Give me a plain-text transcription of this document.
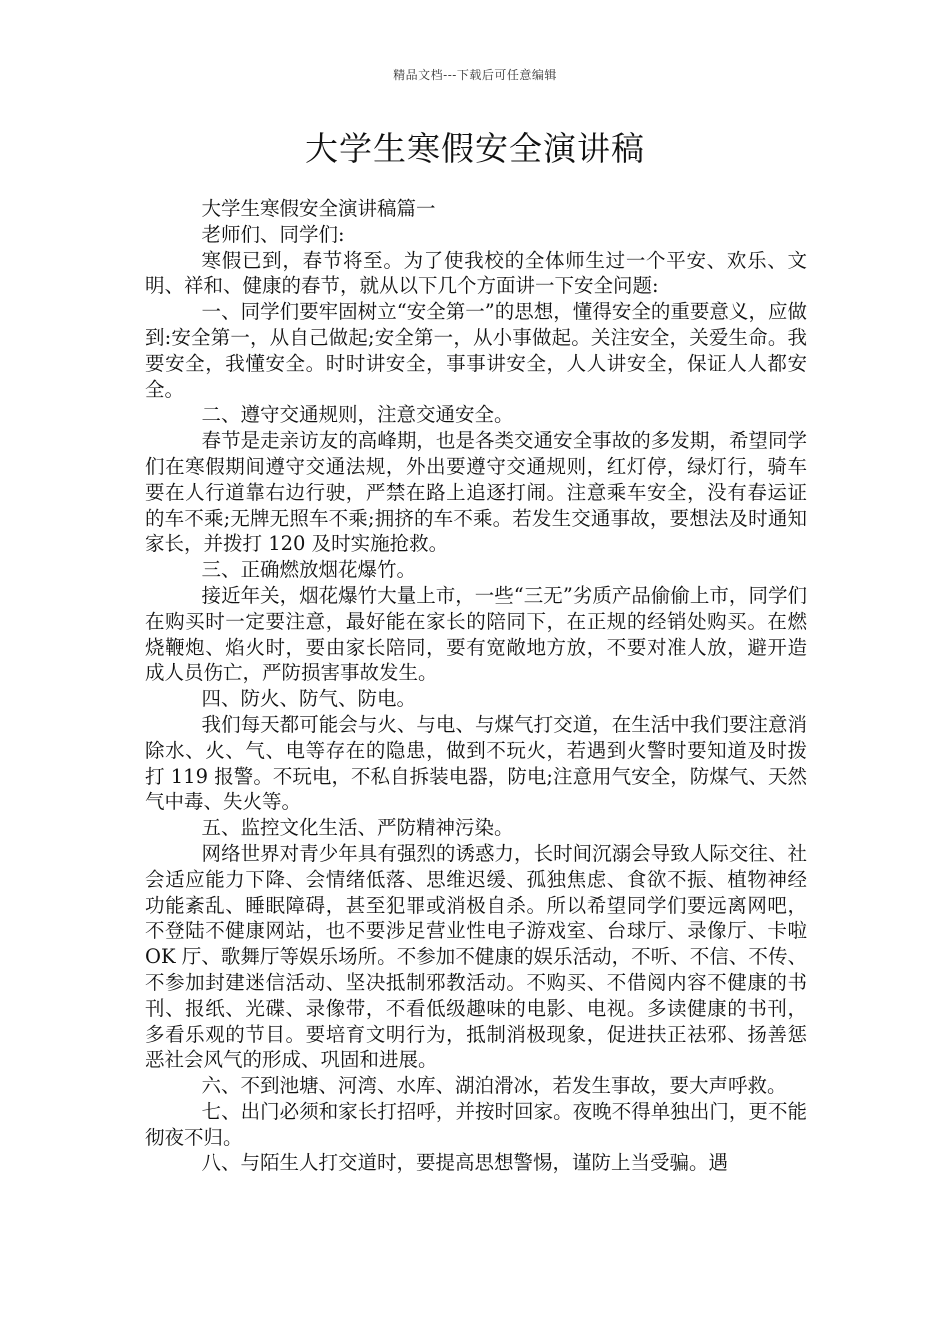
精品文档---下载后可任意编辑
大学生寒假安全演讲稿

大学生寒假安全演讲稿篇一

老师们、同学们:

寒假已到，春节将至。为了使我校的全体师生过一个平安、欢乐、文明、祥和、健康的春节，就从以下几个方面讲一下安全问题:

一、同学们要牢固树立“安全第一”的思想，懂得安全的重要意义，应做到:安全第一，从自己做起;安全第一，从小事做起。关注安全，关爱生命。我要安全，我懂安全。时时讲安全，事事讲安全，人人讲安全，保证人人都安全。

二、遵守交通规则，注意交通安全。

春节是走亲访友的高峰期，也是各类交通安全事故的多发期，希望同学们在寒假期间遵守交通法规，外出要遵守交通规则，红灯停，绿灯行，骑车要在人行道靠右边行驶，严禁在路上追逐打闹。注意乘车安全，没有春运证的车不乘;无牌无照车不乘;拥挤的车不乘。若发生交通事故，要想法及时通知家长，并拨打 120 及时实施抢救。

三、正确燃放烟花爆竹。

接近年关，烟花爆竹大量上市，一些“三无”劣质产品偷偷上市，同学们在购买时一定要注意，最好能在家长的陪同下，在正规的经销处购买。在燃烧鞭炮、焰火时，要由家长陪同，要有宽敞地方放，不要对准人放，避开造成人员伤亡，严防损害事故发生。

四、防火、防气、防电。

我们每天都可能会与火、与电、与煤气打交道，在生活中我们要注意消除水、火、气、电等存在的隐患，做到不玩火，若遇到火警时要知道及时拨打 119 报警。不玩电，不私自拆装电器，防电;注意用气安全，防煤气、天然气中毒、失火等。

五、监控文化生活、严防精神污染。

网络世界对青少年具有强烈的诱惑力，长时间沉溺会导致人际交往、社会适应能力下降、会情绪低落、思维迟缓、孤独焦虑、食欲不振、植物神经功能紊乱、睡眠障碍，甚至犯罪或消极自杀。所以希望同学们要远离网吧，不登陆不健康网站，也不要涉足营业性电子游戏室、台球厅、录像厅、卡啦 OK 厅、歌舞厅等娱乐场所。不参加不健康的娱乐活动，不听、不信、不传、不参加封建迷信活动、坚决抵制邪教活动。不购买、不借阅内容不健康的书刊、报纸、光碟、录像带，不看低级趣味的电影、电视。多读健康的书刊，多看乐观的节目。要培育文明行为，抵制消极现象，促进扶正祛邪、扬善惩恶社会风气的形成、巩固和进展。

六、不到池塘、河湾、水库、湖泊滑冰，若发生事故，要大声呼救。

七、出门必须和家长打招呼，并按时回家。夜晚不得单独出门，更不能彻夜不归。

八、与陌生人打交道时，要提高思想警惕，谨防上当受骗。遇
